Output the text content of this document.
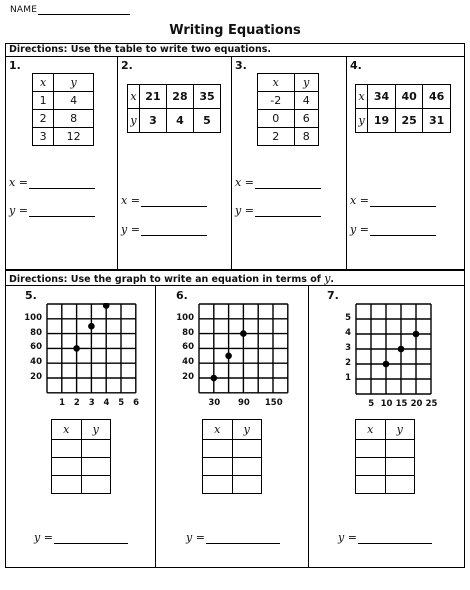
NAME
Writing Equations
Directions: Use the table to write two equations.
1.
x	y
1	4
2	8
3	12
x =
y =
2.
x	21	28	35
y	3	4	5
x =
y =
3.
x	y
-2	4
0	6
2	8
x =
y =
4.
x	34	40	46
y	19	25	31
x =
y =
Directions: Use the graph to write an equation in terms of y.
5.
x	y

y =
6.
x	y

y =
7.
x	y

y =
100
80
60
40
20
1 2 3 4 5 6
100
80
60
40
20
30 90 150
5
4
3
2
1
5 10 15 20 25
